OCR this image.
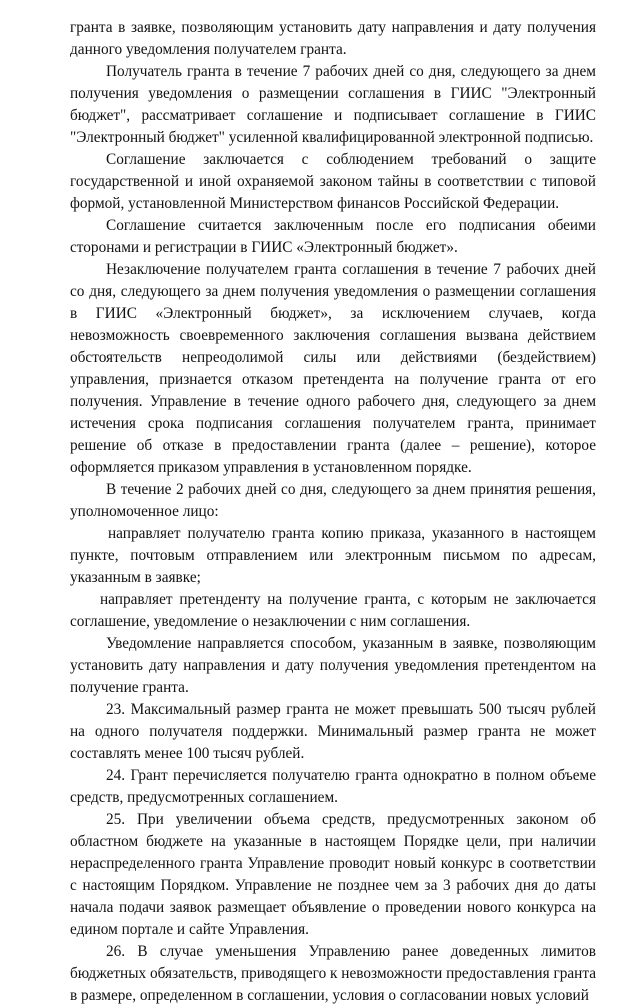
гранта в заявке, позволяющим установить дату направления и дату получения данного уведомления получателем гранта.

Получатель гранта в течение 7 рабочих дней со дня, следующего за днем получения уведомления о размещении соглашения в ГИИС "Электронный бюджет", рассматривает соглашение и подписывает соглашение в ГИИС "Электронный бюджет" усиленной квалифицированной электронной подписью.

Соглашение заключается с соблюдением требований о защите государственной и иной охраняемой законом тайны в соответствии с типовой формой, установленной Министерством финансов Российской Федерации.

Соглашение считается заключенным после его подписания обеими сторонами и регистрации в ГИИС «Электронный бюджет».

Незаключение получателем гранта соглашения в течение 7 рабочих дней со дня, следующего за днем получения уведомления о размещении соглашения в ГИИС «Электронный бюджет», за исключением случаев, когда невозможность своевременного заключения соглашения вызвана действием обстоятельств непреодолимой силы или действиями (бездействием) управления, признается отказом претендента на получение гранта от его получения. Управление в течение одного рабочего дня, следующего за днем истечения срока подписания соглашения получателем гранта, принимает решение об отказе в предоставлении гранта (далее – решение), которое оформляется приказом управления в установленном порядке.

В течение 2 рабочих дней со дня, следующего за днем принятия решения, уполномоченное лицо:

направляет получателю гранта копию приказа, указанного в настоящем пункте, почтовым отправлением или электронным письмом по адресам, указанным в заявке;

направляет претенденту на получение гранта, с которым не заключается соглашение, уведомление о незаключении с ним соглашения.

Уведомление направляется способом, указанным в заявке, позволяющим установить дату направления и дату получения уведомления претендентом на получение гранта.

23. Максимальный размер гранта не может превышать 500 тысяч рублей на одного получателя поддержки. Минимальный размер гранта не может составлять менее 100 тысяч рублей.

24. Грант перечисляется получателю гранта однократно в полном объеме средств, предусмотренных соглашением.

25. При увеличении объема средств, предусмотренных законом об областном бюджете на указанные в настоящем Порядке цели, при наличии нераспределенного гранта Управление проводит новый конкурс в соответствии с настоящим Порядком. Управление не позднее чем за 3 рабочих дня до даты начала подачи заявок размещает объявление о проведении нового конкурса на едином портале и сайте Управления.

26. В случае уменьшения Управлению ранее доведенных лимитов бюджетных обязательств, приводящего к невозможности предоставления гранта в размере, определенном в соглашении, условия о согласовании новых условий
